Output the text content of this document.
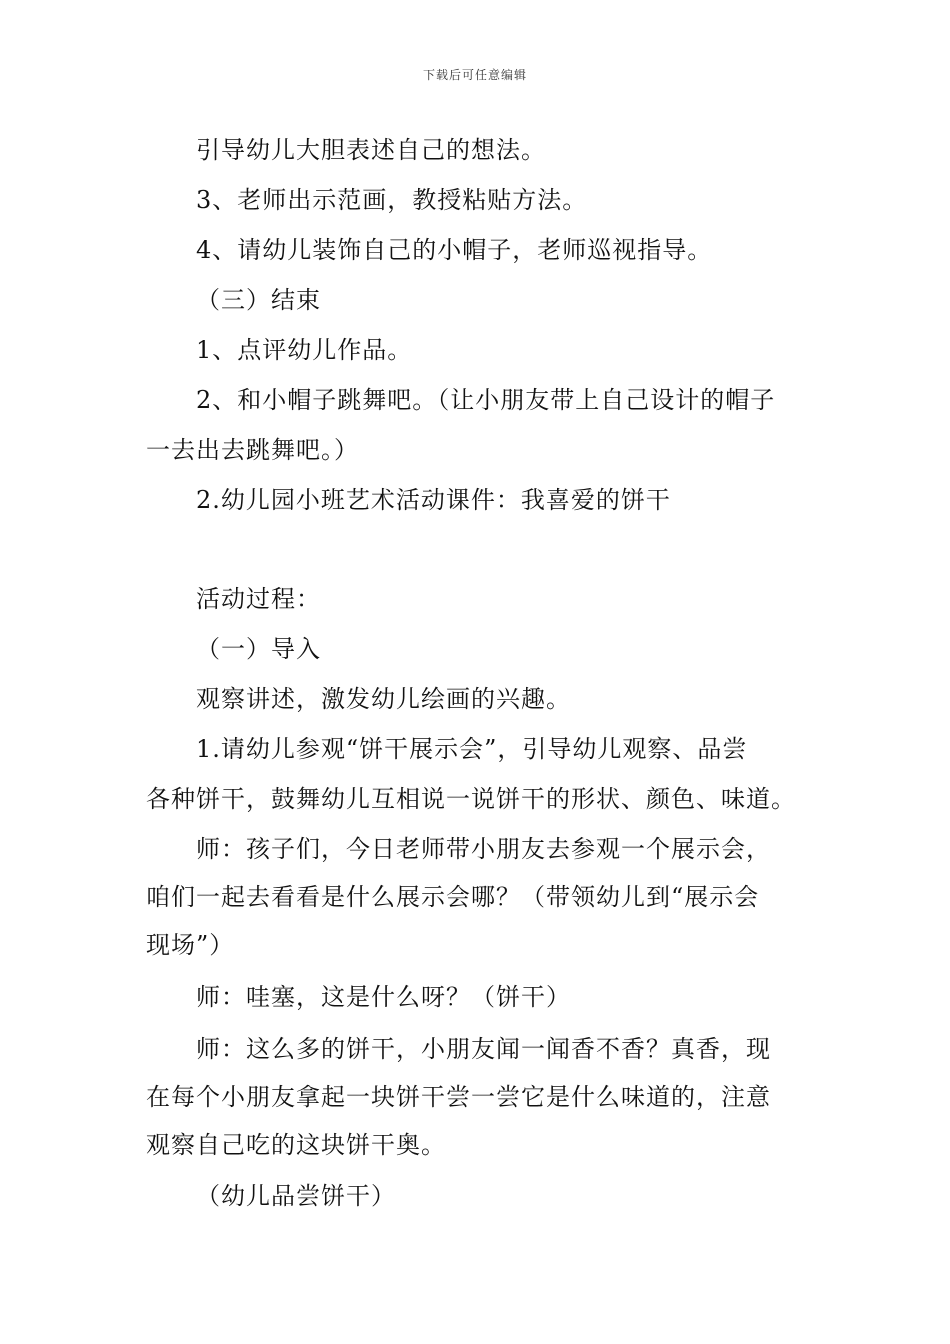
下载后可任意编辑
引导幼儿大胆表述自己的想法。
3、老师出示范画，教授粘贴方法。
4、请幼儿装饰自己的小帽子，老师巡视指导。
（三）结束
1、点评幼儿作品。
2、和小帽子跳舞吧。（让小朋友带上自己设计的帽子
一去出去跳舞吧。）
2.幼儿园小班艺术活动课件：我喜爱的饼干
活动过程：
（一）导入
观察讲述，激发幼儿绘画的兴趣。
1.请幼儿参观“饼干展示会”，引导幼儿观察、品尝
各种饼干，鼓舞幼儿互相说一说饼干的形状、颜色、味道。
师：孩子们，今日老师带小朋友去参观一个展示会，
咱们一起去看看是什么展示会哪？（带领幼儿到“展示会
现场”）
师：哇塞，这是什么呀？（饼干）
师：这么多的饼干，小朋友闻一闻香不香？真香，现
在每个小朋友拿起一块饼干尝一尝它是什么味道的，注意
观察自己吃的这块饼干奥。
（幼儿品尝饼干）
